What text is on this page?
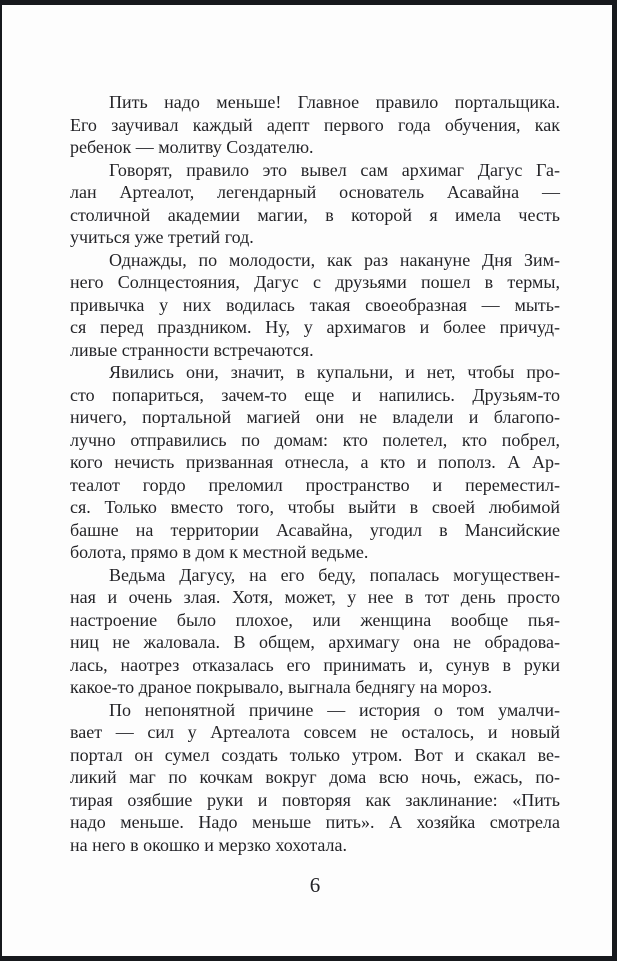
Пить надо меньше! Главное правило портальщика.
Его заучивал каждый адепт первого года обучения, как
ребенок — молитву Создателю.
Говорят, правило это вывел сам архимаг Дагус Га-
лан Артеалот, легендарный основатель Асавайна —
столичной академии магии, в которой я имела честь
учиться уже третий год.
Однажды, по молодости, как раз накануне Дня Зим-
него Солнцестояния, Дагус с друзьями пошел в термы,
привычка у них водилась такая своеобразная — мыть-
ся перед праздником. Ну, у архимагов и более причуд-
ливые странности встречаются.
Явились они, значит, в купальни, и нет, чтобы про-
сто попариться, зачем-то еще и напились. Друзьям-то
ничего, портальной магией они не владели и благопо-
лучно отправились по домам: кто полетел, кто побрел,
кого нечисть призванная отнесла, а кто и пополз. А Ар-
теалот гордо преломил пространство и переместил-
ся. Только вместо того, чтобы выйти в своей любимой
башне на территории Асавайна, угодил в Мансийские
болота, прямо в дом к местной ведьме.
Ведьма Дагусу, на его беду, попалась могуществен-
ная и очень злая. Хотя, может, у нее в тот день просто
настроение было плохое, или женщина вообще пья-
ниц не жаловала. В общем, архимагу она не обрадова-
лась, наотрез отказалась его принимать и, сунув в руки
какое-то драное покрывало, выгнала беднягу на мороз.
По непонятной причине — история о том умалчи-
вает — сил у Артеалота совсем не осталось, и новый
портал он сумел создать только утром. Вот и скакал ве-
ликий маг по кочкам вокруг дома всю ночь, ежась, по-
тирая озябшие руки и повторяя как заклинание: «Пить
надо меньше. Надо меньше пить». А хозяйка смотрела
на него в окошко и мерзко хохотала.
6
